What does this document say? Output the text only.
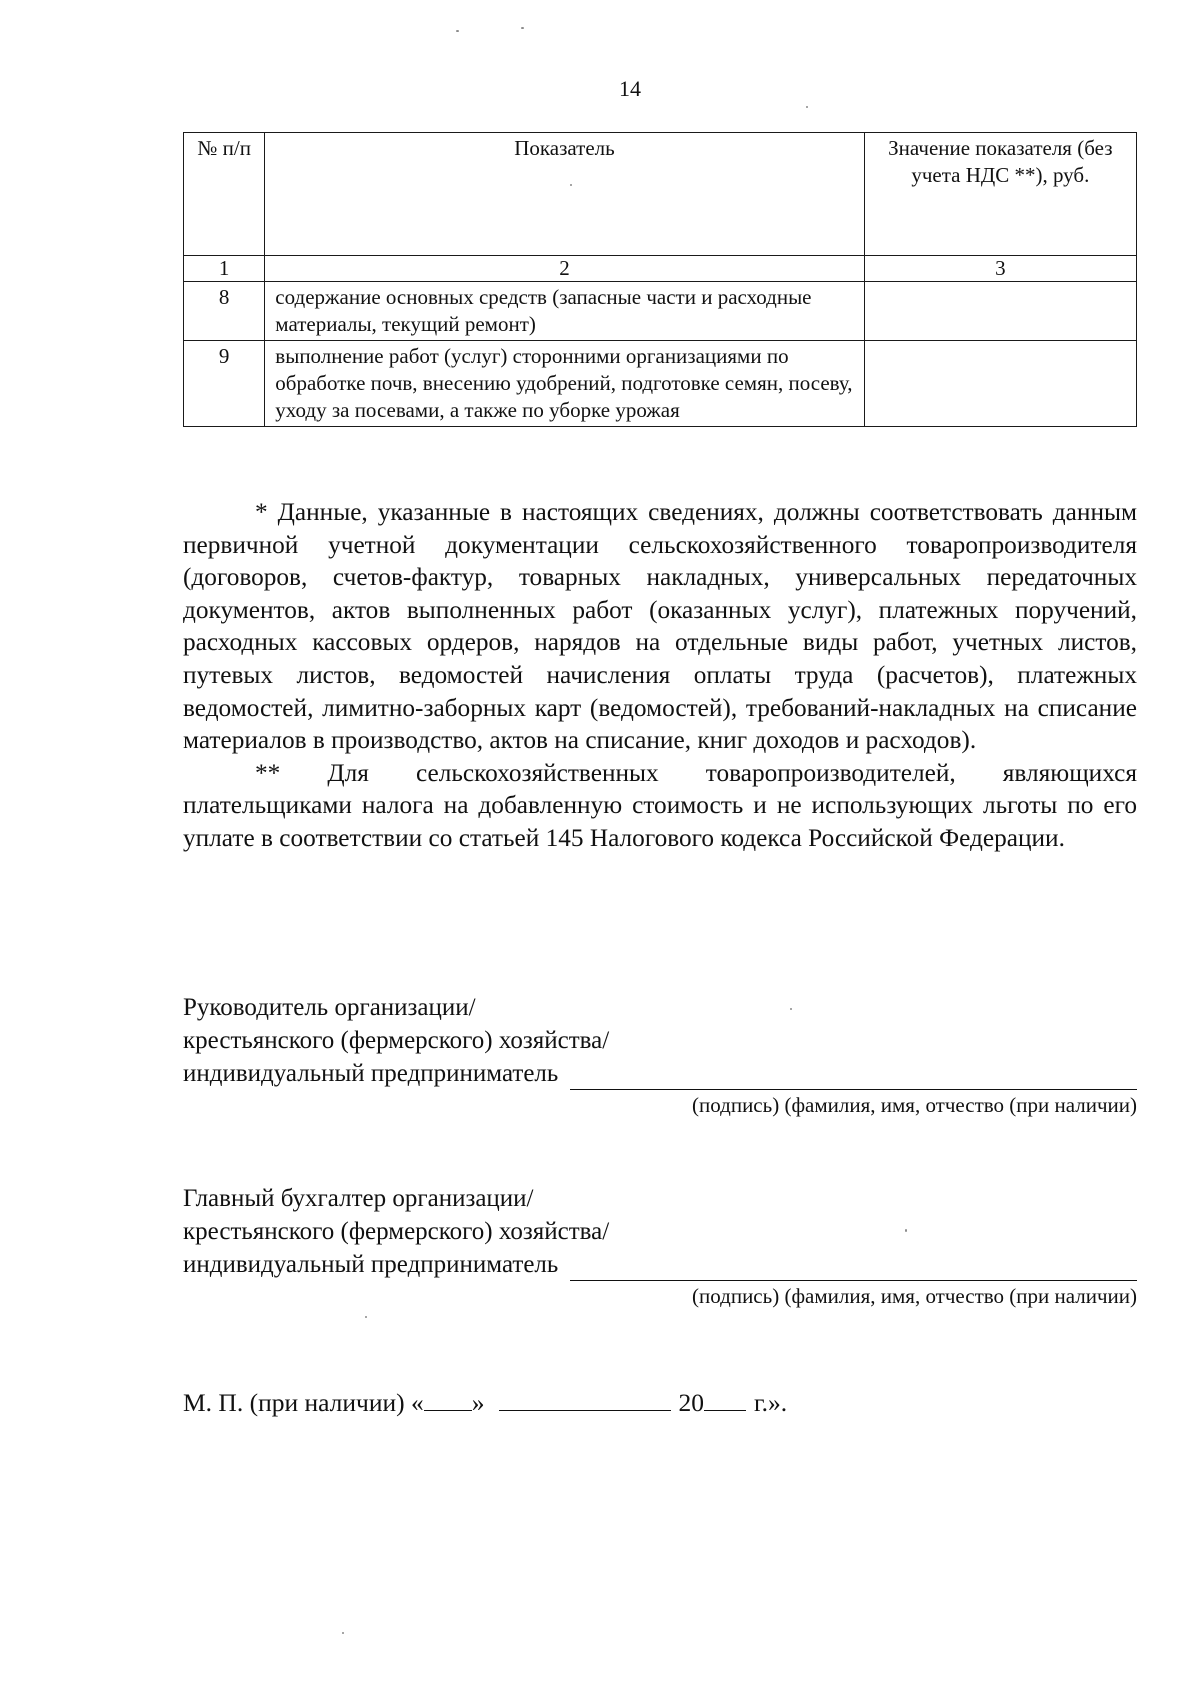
14
№ п/п	Показатель	Значение показателя (без учета НДС **), руб.
1	2	3
8	содержание основных средств (запасные части и расходные материалы, текущий ремонт)	
9	выполнение работ (услуг) сторонними организациями по обработке почв, внесению удобрений, подготовке семян, посеву, уходу за посевами, а также по уборке урожая	

* Данные, указанные в настоящих сведениях, должны соответствовать данным первичной учетной документации сельскохозяйственного товаропроизводителя (договоров, счетов-фактур, товарных накладных, универсальных передаточных документов, актов выполненных работ (оказанных услуг), платежных поручений, расходных кассовых ордеров, нарядов на отдельные виды работ, учетных листов, путевых листов, ведомостей начисления оплаты труда (расчетов), платежных ведомостей, лимитно-заборных карт (ведомостей), требований-накладных на списание материалов в производство, актов на списание, книг доходов и расходов).

** Для сельскохозяйственных товаропроизводителей, являющихся плательщиками налога на добавленную стоимость и не использующих льготы по его уплате в соответствии со статьей 145 Налогового кодекса Российской Федерации.

Руководитель организации/
крестьянского (фермерского) хозяйства/
индивидуальный предприниматель
(подпись) (фамилия, имя, отчество (при наличии)
Главный бухгалтер организации/
крестьянского (фермерского) хозяйства/
индивидуальный предприниматель
(подпись) (фамилия, имя, отчество (при наличии)
М. П. (при наличии) « »	20 г.».
